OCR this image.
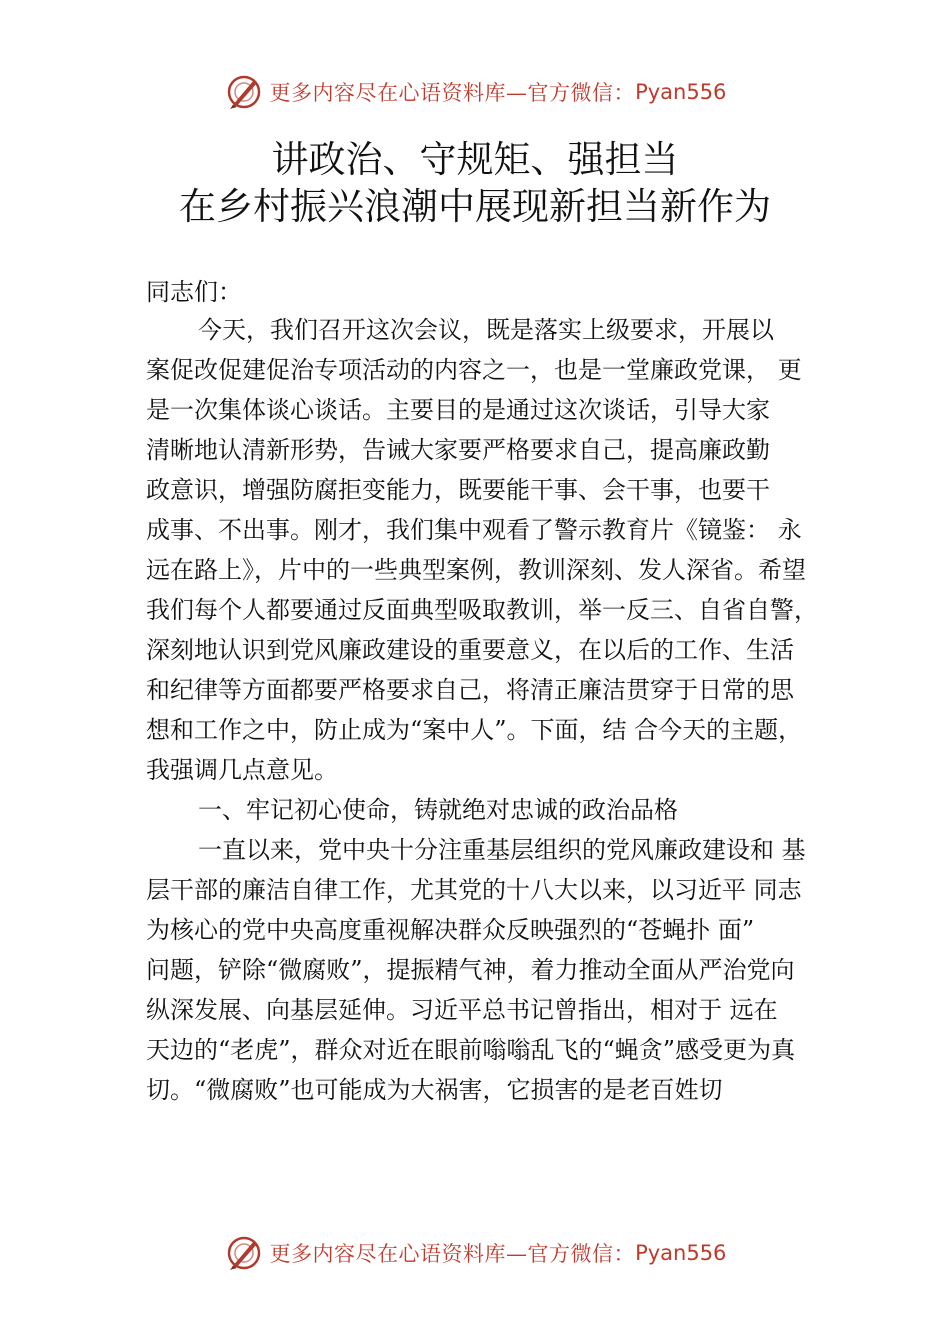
更多内容尽在心语资料库—官方微信： Pyan556
讲政治、守规矩、强担当
在乡村振兴浪潮中展现新担当新作为
同志们：
今天，我们召开这次会议，既是落实上级要求，开展以
案促改促建促治专项活动的内容之一，也是一堂廉政党课， 更
是一次集体谈心谈话。主要目的是通过这次谈话，引导大家
清晰地认清新形势，告诫大家要严格要求自己，提高廉政勤
政意识，增强防腐拒变能力，既要能干事、会干事，也要干
成事、不出事。刚才，我们集中观看了警示教育片《镜鉴： 永
远在路上》，片中的一些典型案例，教训深刻、发人深省。希望
我们每个人都要通过反面典型吸取教训，举一反三、自省自警，
深刻地认识到党风廉政建设的重要意义，在以后的工作、生活
和纪律等方面都要严格要求自己，将清正廉洁贯穿于日常的思
想和工作之中，防止成为“案中人”。下面，结 合今天的主题，
我强调几点意见。
一、牢记初心使命，铸就绝对忠诚的政治品格
一直以来，党中央十分注重基层组织的党风廉政建设和 基
层干部的廉洁自律工作，尤其党的十八大以来，以习近平 同志
为核心的党中央高度重视解决群众反映强烈的“苍蝇扑 面”
问题，铲除“微腐败”，提振精气神，着力推动全面从严治党向
纵深发展、向基层延伸。习近平总书记曾指出，相对于 远在
天边的“老虎”，群众对近在眼前嗡嗡乱飞的“蝇贪”感受更为真
切。“微腐败”也可能成为大祸害，它损害的是老百姓切
更多内容尽在心语资料库—官方微信： Pyan556
